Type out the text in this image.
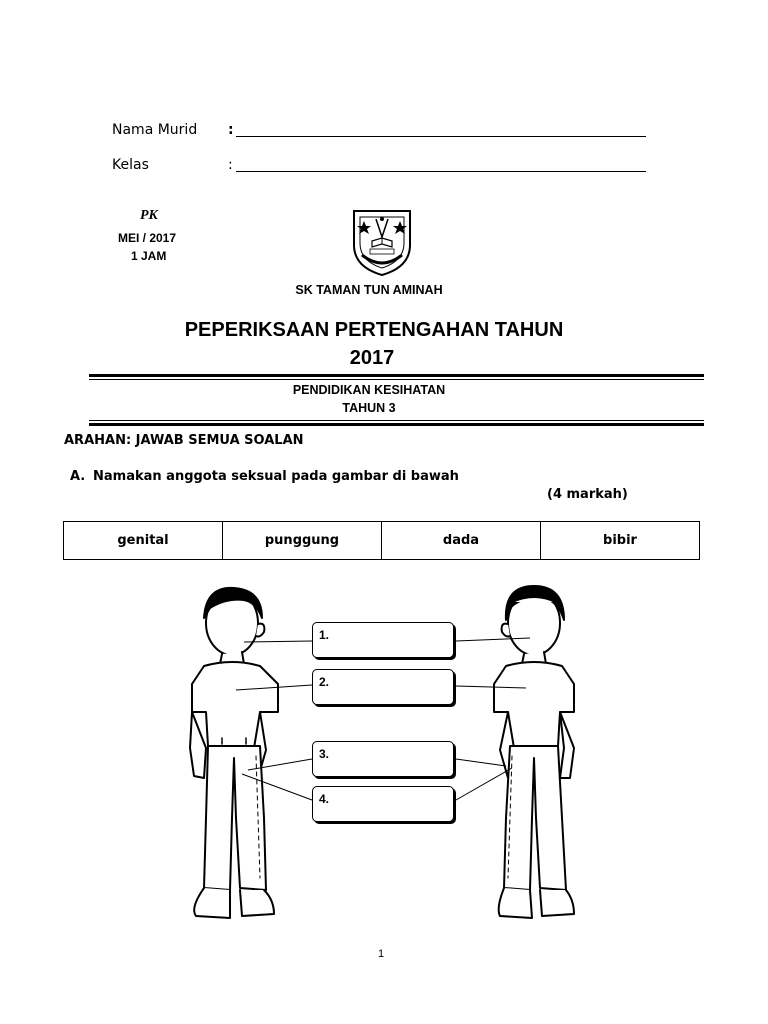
Nama Murid :
Kelas	:
PK
MEI / 2017
1 JAM
SK TAMAN TUN AMINAH
PEPERIKSAAN PERTENGAHAN TAHUN
2017
PENDIDIKAN KESIHATAN
TAHUN 3
ARAHAN: JAWAB SEMUA SOALAN
A. Namakan anggota seksual pada gambar di bawah
(4 markah)
genital	punggung	dada	bibir
1.
2.
3.
4.
1
